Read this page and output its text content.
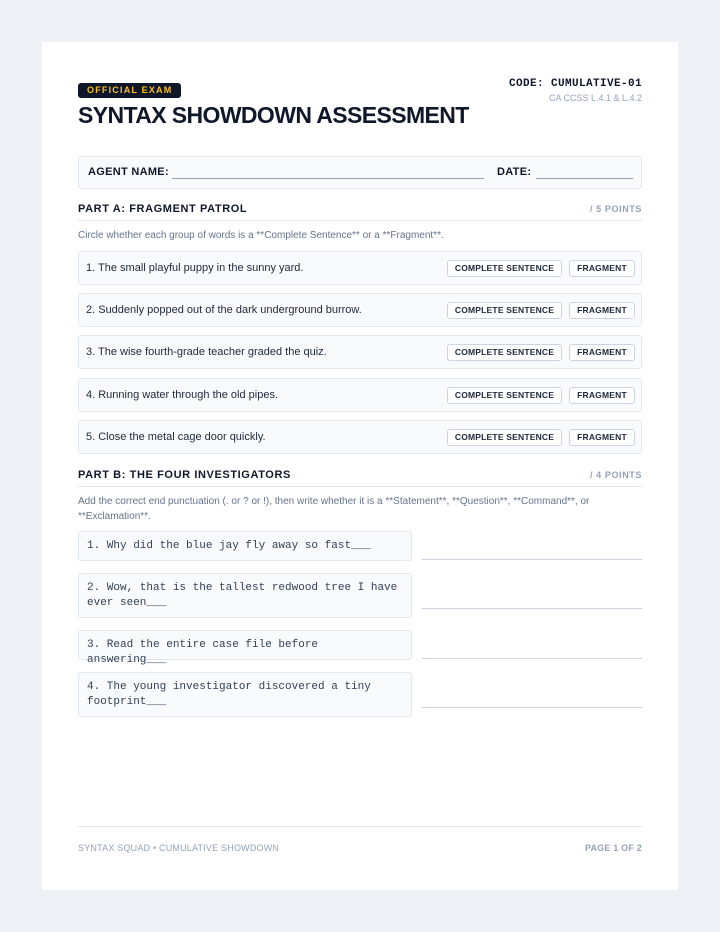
OFFICIAL EXAM
SYNTAX SHOWDOWN ASSESSMENT
CODE: CUMULATIVE-01
CA CCSS L.4.1 & L.4.2
AGENT NAME:	DATE:
PART A: FRAGMENT PATROL	/ 5 POINTS
Circle whether each group of words is a **Complete Sentence** or a **Fragment**.
1. The small playful puppy in the sunny yard.	COMPLETE SENTENCE	FRAGMENT
2. Suddenly popped out of the dark underground burrow.	COMPLETE SENTENCE	FRAGMENT
3. The wise fourth-grade teacher graded the quiz.	COMPLETE SENTENCE	FRAGMENT
4. Running water through the old pipes.	COMPLETE SENTENCE	FRAGMENT
5. Close the metal cage door quickly.	COMPLETE SENTENCE	FRAGMENT
PART B: THE FOUR INVESTIGATORS	/ 4 POINTS
Add the correct end punctuation (. or ? or !), then write whether it is a **Statement**, **Question**, **Command**, or **Exclamation**.
1. Why did the blue jay fly away so fast___
2. Wow, that is the tallest redwood tree I have ever seen___
3. Read the entire case file before answering___
4. The young investigator discovered a tiny footprint___
SYNTAX SQUAD • CUMULATIVE SHOWDOWN	PAGE 1 OF 2
